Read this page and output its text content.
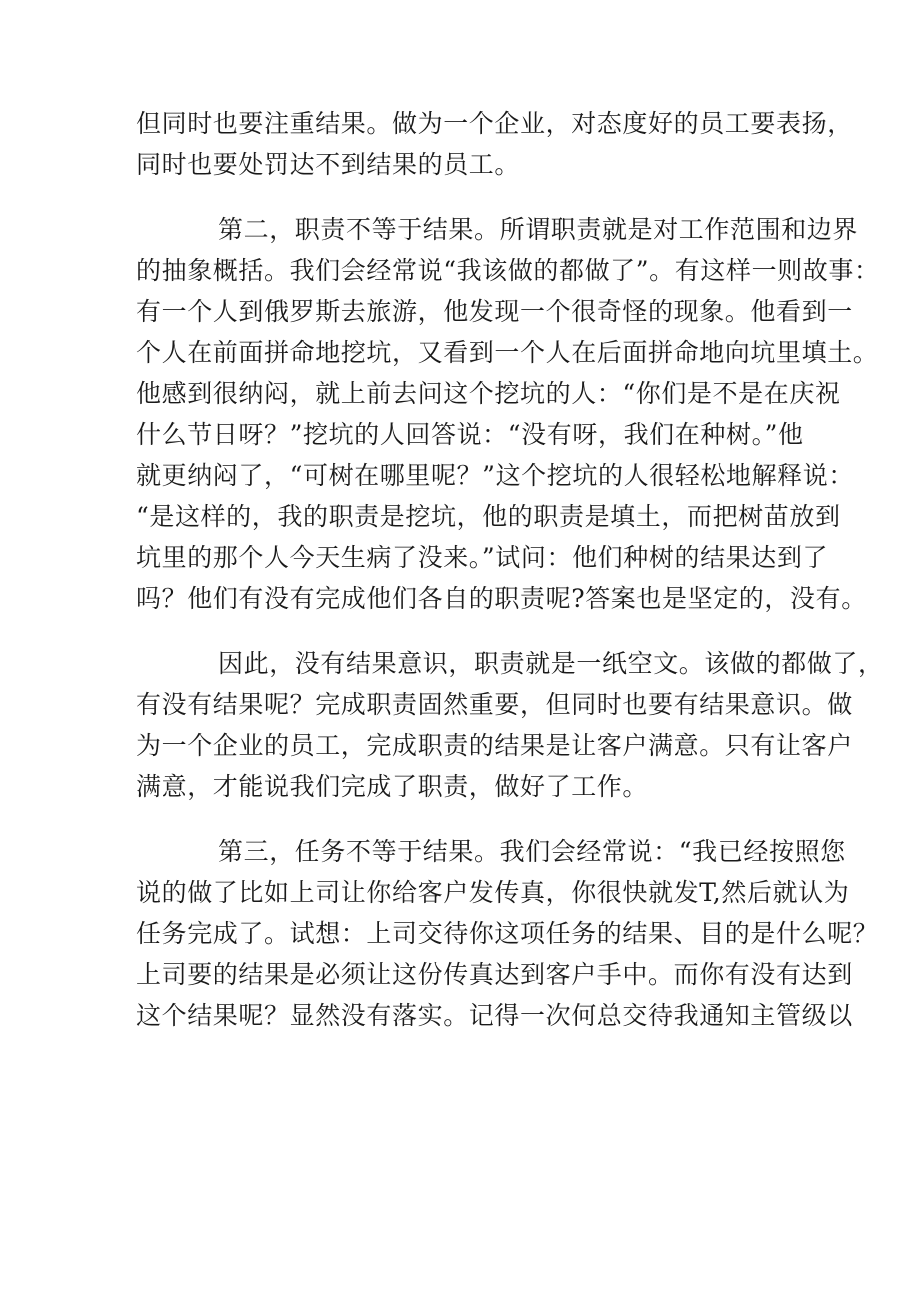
但同时也要注重结果。做为一个企业，对态度好的员工要表扬，
同时也要处罚达不到结果的员工。

第二，职责不等于结果。所谓职责就是对工作范围和边界
的抽象概括。我们会经常说“我该做的都做了”。有这样一则故事：
有一个人到俄罗斯去旅游，他发现一个很奇怪的现象。他看到一
个人在前面拼命地挖坑，又看到一个人在后面拼命地向坑里填土。
他感到很纳闷，就上前去问这个挖坑的人：“你们是不是在庆祝
什么节日呀？”挖坑的人回答说：“没有呀，我们在种树。”他
就更纳闷了，“可树在哪里呢？”这个挖坑的人很轻松地解释说：
“是这样的，我的职责是挖坑，他的职责是填土，而把树苗放到
坑里的那个人今天生病了没来。”试问：他们种树的结果达到了
吗？他们有没有完成他们各自的职责呢?答案也是坚定的，没有。

因此，没有结果意识，职责就是一纸空文。该做的都做了，
有没有结果呢？完成职责固然重要，但同时也要有结果意识。做
为一个企业的员工，完成职责的结果是让客户满意。只有让客户
满意，才能说我们完成了职责，做好了工作。

第三，任务不等于结果。我们会经常说：“我已经按照您
说的做了比如上司让你给客户发传真，你很快就发T,然后就认为
任务完成了。试想：上司交待你这项任务的结果、目的是什么呢？
上司要的结果是必须让这份传真达到客户手中。而你有没有达到
这个结果呢？显然没有落实。记得一次何总交待我通知主管级以
